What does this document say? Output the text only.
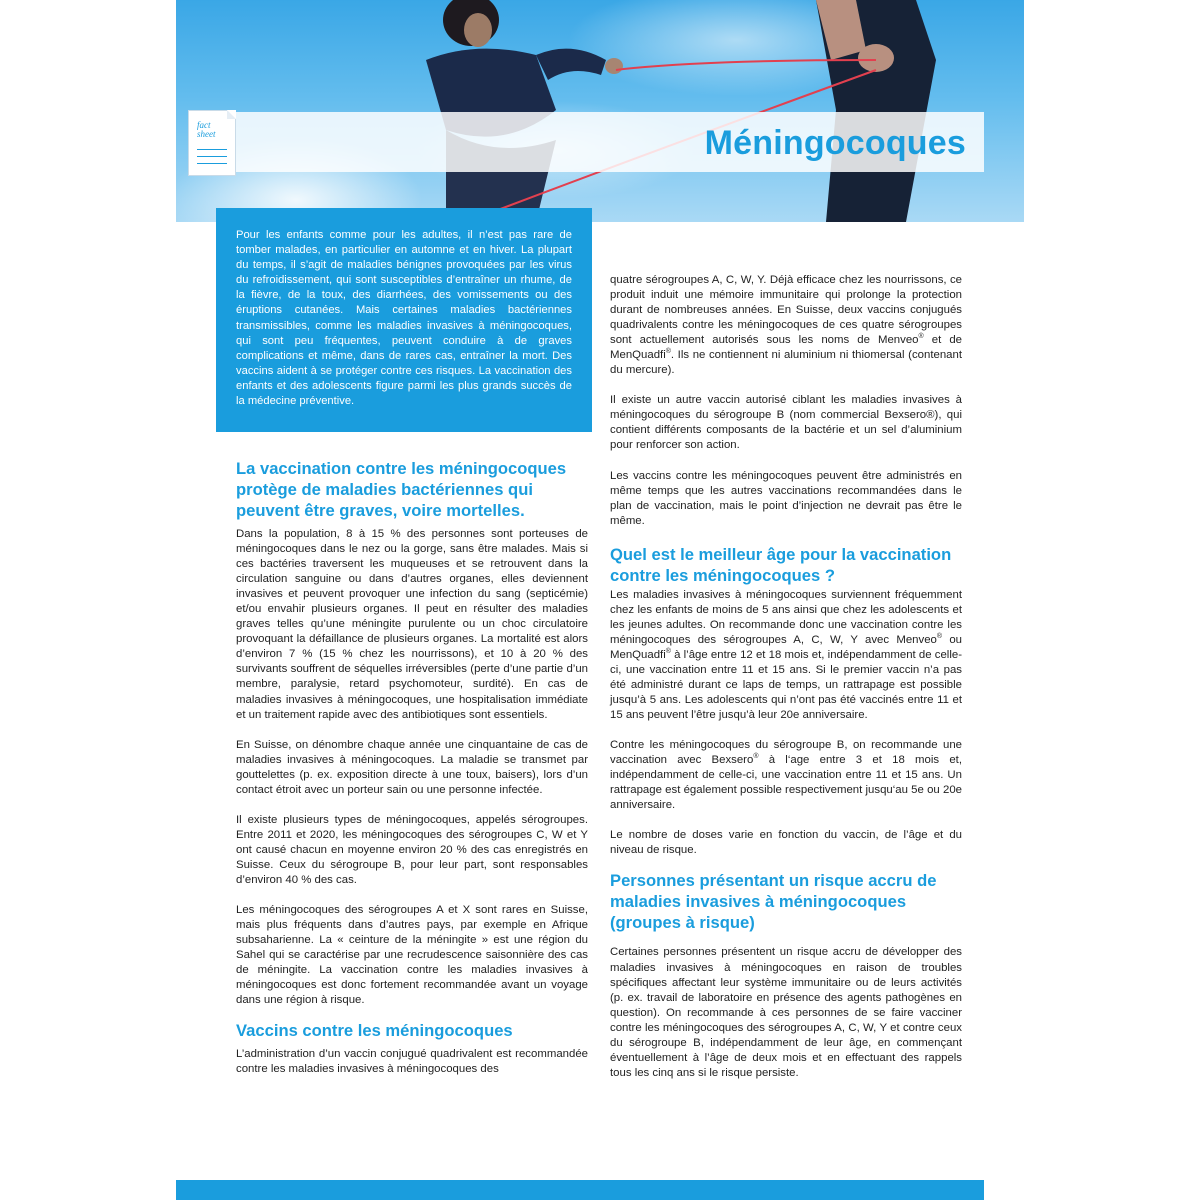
Méningocoques
fact
sheet

Pour les enfants comme pour les adultes, il n’est pas rare de tomber malades, en particulier en automne et en hiver. La plupart du temps, il s’agit de maladies bénignes provoquées par les virus du refroidissement, qui sont susceptibles d’entraîner un rhume, de la fièvre, de la toux, des diarrhées, des vomissements ou des éruptions cutanées. Mais certaines maladies bactériennes transmissibles, comme les maladies invasives à méningocoques, qui sont peu fréquentes, peuvent conduire à de graves complications et même, dans de rares cas, entraîner la mort. Des vaccins aident à se protéger contre ces risques. La vaccination des enfants et des adolescents figure parmi les plus grands succès de la médecine préventive.

La vaccination contre les méningocoques protège de maladies bactériennes qui peuvent être graves, voire mortelles.

Dans la population, 8 à 15 % des personnes sont porteuses de méningocoques dans le nez ou la gorge, sans être malades. Mais si ces bactéries traversent les muqueuses et se retrouvent dans la circulation sanguine ou dans d’autres organes, elles deviennent invasives et peuvent provoquer une infection du sang (septicémie) et/ou envahir plusieurs organes. Il peut en résulter des maladies graves telles qu’une méningite purulente ou un choc circulatoire provoquant la défaillance de plusieurs organes. La mortalité est alors d’environ 7 % (15 % chez les nourrissons), et 10 à 20 % des survivants souffrent de séquelles irréversibles (perte d’une partie d’un membre, paralysie, retard psychomoteur, surdité). En cas de maladies invasives à méningocoques, une hospitalisation immédiate et un traitement rapide avec des antibiotiques sont essentiels.

En Suisse, on dénombre chaque année une cinquantaine de cas de maladies invasives à méningocoques. La maladie se transmet par gouttelettes (p. ex. exposition directe à une toux, baisers), lors d’un contact étroit avec un porteur sain ou une personne infectée.

Il existe plusieurs types de méningocoques, appelés sérogroupes. Entre 2011 et 2020, les méningocoques des sérogroupes C, W et Y ont causé chacun en moyenne environ 20 % des cas enregistrés en Suisse. Ceux du sérogroupe B, pour leur part, sont responsables d’environ 40 % des cas.

Les méningocoques des sérogroupes A et X sont rares en Suisse, mais plus fréquents dans d’autres pays, par exemple en Afrique subsaharienne. La « ceinture de la méningite » est une région du Sahel qui se caractérise par une recrudescence saisonnière des cas de méningite. La vaccination contre les maladies invasives à méningocoques est donc fortement recommandée avant un voyage dans une région à risque.

Vaccins contre les méningocoques

L’administration d’un vaccin conjugué quadrivalent est recommandée contre les maladies invasives à méningocoques des

quatre sérogroupes A, C, W, Y. Déjà efficace chez les nourrissons, ce produit induit une mémoire immunitaire qui prolonge la protection durant de nombreuses années. En Suisse, deux vaccins conjugués quadrivalents contre les méningocoques de ces quatre sérogroupes sont actuellement autorisés sous les noms de Menveo® et de MenQuadfi®. Ils ne contiennent ni aluminium ni thiomersal (contenant du mercure).

Il existe un autre vaccin autorisé ciblant les maladies invasives à méningocoques du sérogroupe B (nom commercial Bexsero®), qui contient différents composants de la bactérie et un sel d’aluminium pour renforcer son action.

Les vaccins contre les méningocoques peuvent être administrés en même temps que les autres vaccinations recommandées dans le plan de vaccination, mais le point d’injection ne devrait pas être le même.

Quel est le meilleur âge pour la vaccination contre les méningocoques ?

Les maladies invasives à méningocoques surviennent fréquemment chez les enfants de moins de 5 ans ainsi que chez les adolescents et les jeunes adultes. On recommande donc une vaccination contre les méningocoques des sérogroupes A, C, W, Y avec Menveo® ou MenQuadfi® à l’âge entre 12 et 18 mois et, indépendamment de celle-ci, une vaccination entre 11 et 15 ans. Si le premier vaccin n’a pas été administré durant ce laps de temps, un rattrapage est possible jusqu’à 5 ans. Les adolescents qui n’ont pas été vaccinés entre 11 et 15 ans peuvent l’être jusqu’à leur 20e anniversaire.

Contre les méningocoques du sérogroupe B, on recommande une vaccination avec Bexsero® à l‘age entre 3 et 18 mois et, indépendamment de celle-ci, une vaccination entre 11 et 15 ans. Un rattrapage est également possible respectivement jusqu‘au 5e ou 20e anniversaire.

Le nombre de doses varie en fonction du vaccin, de l’âge et du niveau de risque.

Personnes présentant un risque accru de maladies invasives à méningocoques (groupes à risque)

Certaines personnes présentent un risque accru de développer des maladies invasives à méningocoques en raison de troubles spécifiques affectant leur système immunitaire ou de leurs activités (p. ex. travail de laboratoire en présence des agents pathogènes en question). On recommande à ces personnes de se faire vacciner contre les méningocoques des sérogroupes A, C, W, Y et contre ceux du sérogroupe B, indépendamment de leur âge, en commençant éventuellement à l’âge de deux mois et en effectuant des rappels tous les cinq ans si le risque persiste.
